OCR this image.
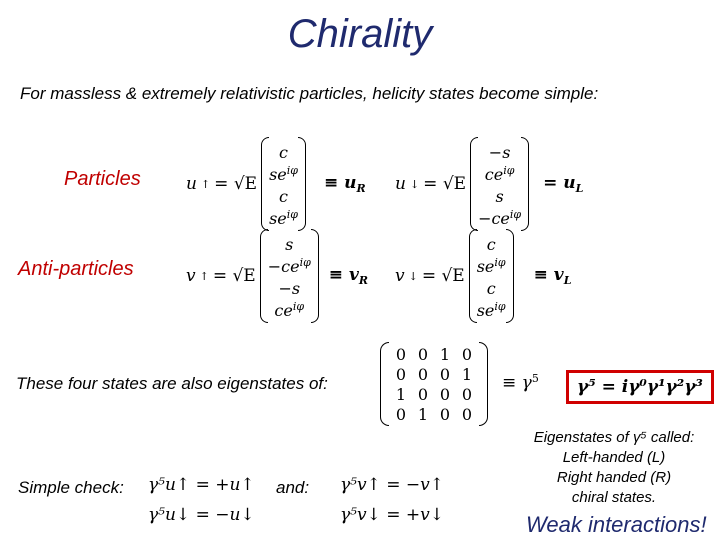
Chirality
For massless & extremely relativistic particles, helicity states become simple:
Particles	u ↑ = √E
c
$se^{i\varphi}$
c
$se^{i\varphi}$
≡ $u_R$ u ↓ = √E
−s
$ce^{i\varphi}$
s
$-ce^{i\varphi}$
= $u_L$
Anti-particles	v ↑ = √E
s
$-ce^{i\varphi}$
−s
$ce^{i\varphi}$
≡ $v_R$ v ↓ = √E
c
$se^{i\varphi}$
c
$se^{i\varphi}$
≡ $v_L$
These four states are also eigenstates of:
0	0	1	0
0	0	0	1
1	0	0	0
0	1	0	0
≡ $\gamma^5$	γ⁵ = iγ⁰γ¹γ²γ³
Simple check: γ⁵u↑ = +u↑
γ⁵u↓ = −u↓
and: γ⁵v↑ = −v↑
γ⁵v↓ = +v↓
Eigenstates of γ⁵ called:
Left-handed (L)
Right handed (R)
chiral states.
Weak interactions!
